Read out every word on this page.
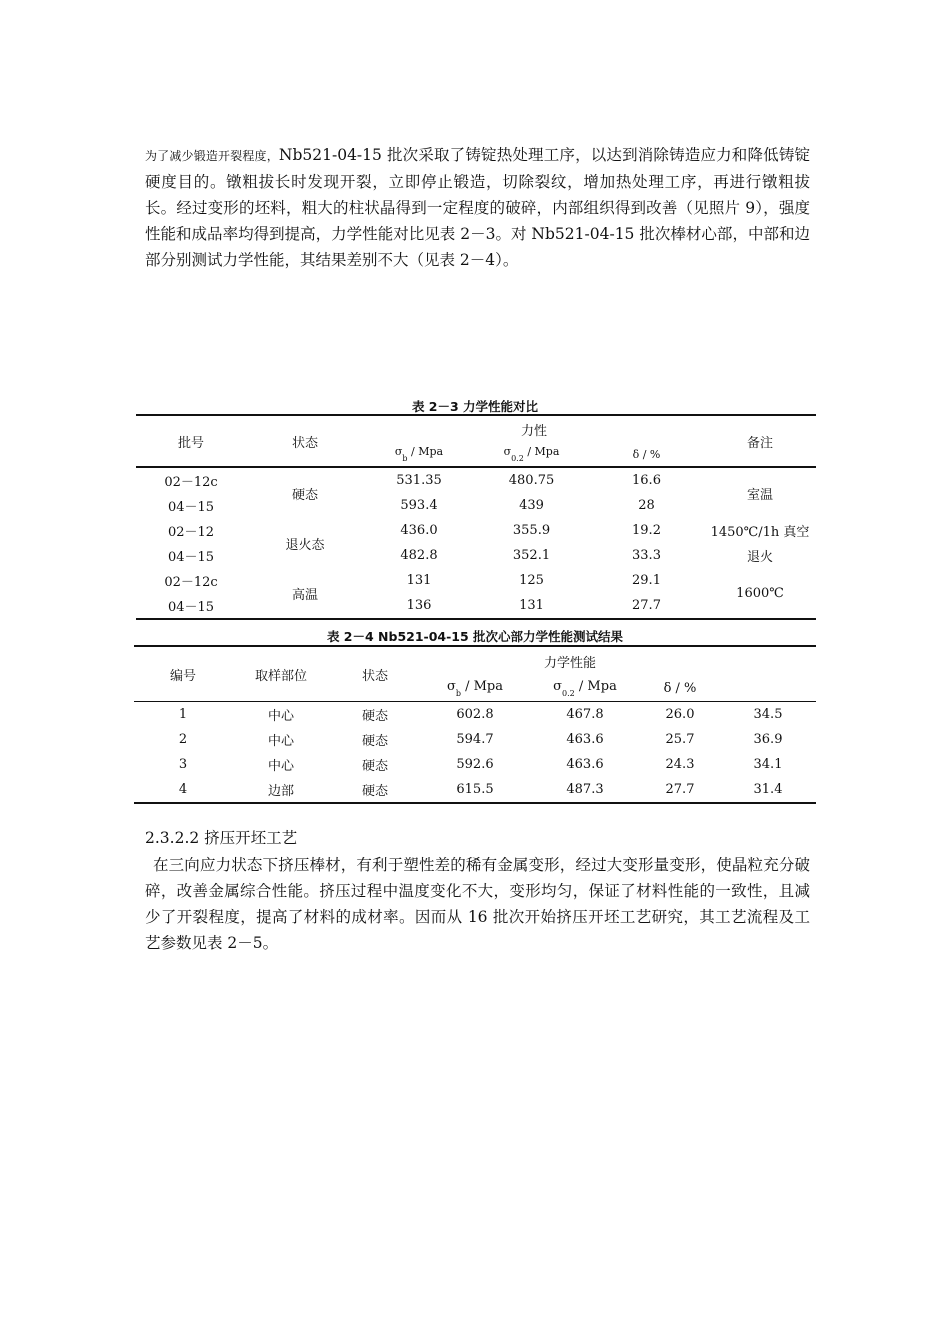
为了减少锻造开裂程度，Nb521-04-15 批次采取了铸锭热处理工序，以达到消除铸造应力和降低铸锭硬度目的。镦粗拔长时发现开裂，立即停止锻造，切除裂纹，增加热处理工序，再进行镦粗拔长。经过变形的坯料，粗大的柱状晶得到一定程度的破碎，内部组织得到改善（见照片 9），强度性能和成品率均得到提高，力学性能对比见表 2－3。对 Nb521-04-15 批次棒材心部，中部和边部分别测试力学性能，其结果差别不大（见表 2－4）。

表 2－3 力学性能对比
批号	状态	力性			备注
		$\sigma_b$ / Mpa	$\sigma_{0.2}$ / Mpa	δ / %	
02－12c	硬态	531.35	480.75	16.6	室温
04－15		593.4	439	28	
02－12	退火态	436.0	355.9	19.2	1450℃/1h 真空
04－15		482.8	352.1	33.3	退火
02－12c	高温	131	125	29.1	1600℃
04－15		136	131	27.7	
表 2－4 Nb521-04-15 批次心部力学性能测试结果
编号	取样部位	状态	力学性能			
			$\sigma_b$ / Mpa	$\sigma_{0.2}$ / Mpa	δ / %	
1	中心	硬态	602.8	467.8	26.0	34.5
2	中心	硬态	594.7	463.6	25.7	36.9
3	中心	硬态	592.6	463.6	24.3	34.1
4	边部	硬态	615.5	487.3	27.7	31.4

2.3.2.2 挤压开坯工艺

在三向应力状态下挤压棒材，有利于塑性差的稀有金属变形，经过大变形量变形，使晶粒充分破碎，改善金属综合性能。挤压过程中温度变化不大，变形均匀，保证了材料性能的一致性，且减少了开裂程度，提高了材料的成材率。因而从 16 批次开始挤压开坯工艺研究，其工艺流程及工艺参数见表 2－5。
